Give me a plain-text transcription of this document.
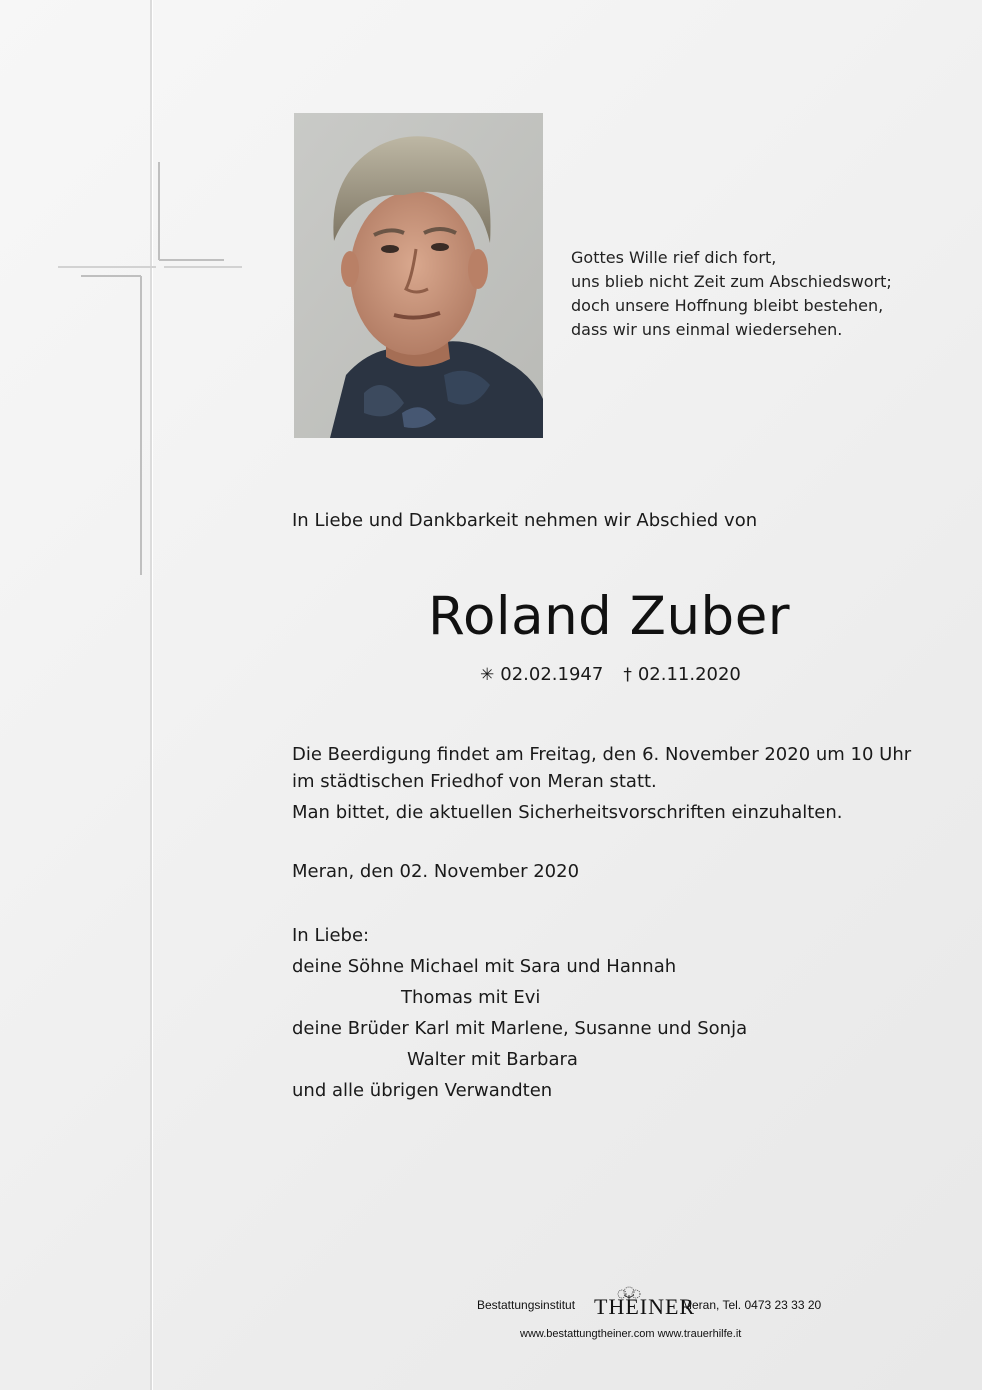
Gottes Wille rief dich fort,
uns blieb nicht Zeit zum Abschiedswort;
doch unsere Hoffnung bleibt bestehen,
dass wir uns einmal wiedersehen.
In Liebe und Dankbarkeit nehmen wir Abschied von
Roland Zuber
✳ 02.02.1947 † 02.11.2020
Die Beerdigung findet am Freitag, den 6. November 2020 um 10 Uhr
im städtischen Friedhof von Meran statt.
Man bittet, die aktuellen Sicherheitsvorschriften einzuhalten.
Meran, den 02. November 2020
In Liebe:
deine Söhne Michael mit Sara und Hannah
Thomas mit Evi
deine Brüder Karl mit Marlene, Susanne und Sonja
Walter mit Barbara
und alle übrigen Verwandten
Bestattungsinstitut THEINER
Meran, Tel. 0473 23 33 20
www.bestattungtheiner.com www.trauerhilfe.it
